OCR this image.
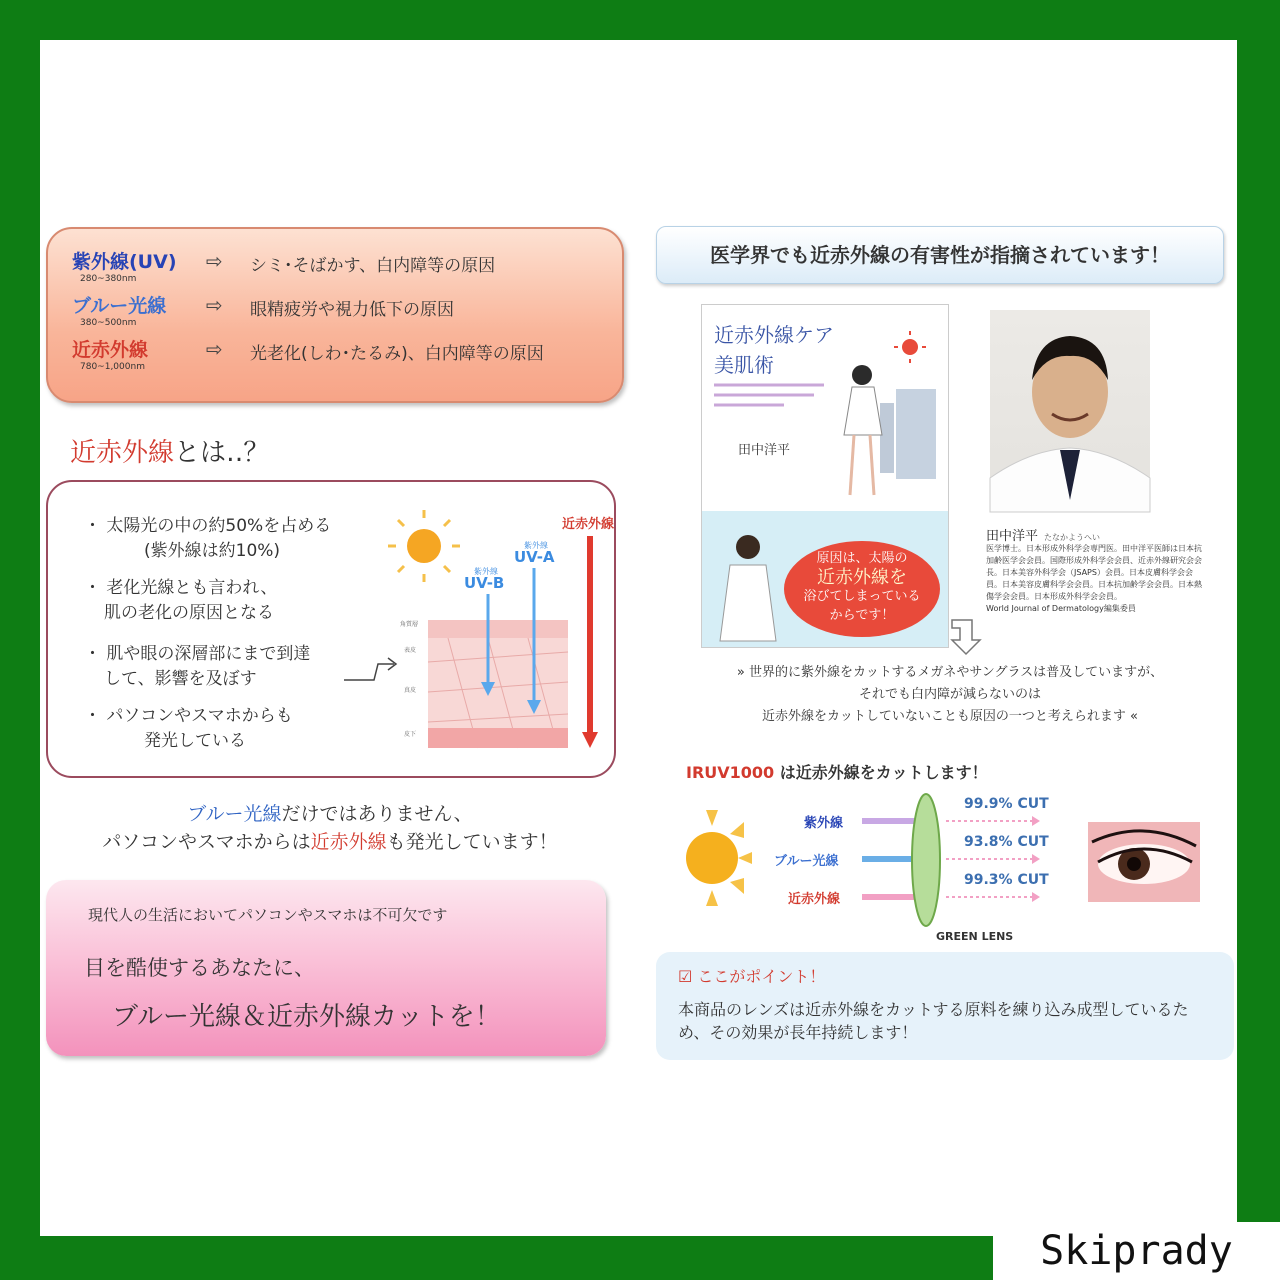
紫外線(UV)
280~380nm
⇨ シミ･そばかす、白内障等の原因
ブルー光線
380~500nm
⇨ 眼精疲労や視力低下の原因
近赤外線
780~1,000nm
⇨ 光老化(しわ･たるみ)、白内障等の原因
近赤外線とは‥？
・ 太陽光の中の約50%を占める
(紫外線は約10%)
・ 老化光線とも言われ、
肌の老化の原因となる
・ 肌や眼の深層部にまで到達
して、影響を及ぼす
・ パソコンやスマホからも
発光している
角質層
表皮
真皮
皮下
紫外線
UV-B
紫外線
UV-A
近赤外線
ブルー光線だけではありません、
パソコンやスマホからは近赤外線も発光しています！
現代人の生活においてパソコンやスマホは不可欠です
目を酷使するあなたに、
ブルー光線＆近赤外線カットを！
医学界でも近赤外線の有害性が指摘されています！
近赤外線ケア
美肌術
田中洋平
原因は、太陽の
近赤外線を
浴びてしまっている
からです！
田中洋平 たなかようへい
医学博士。日本形成外科学会専門医。田中洋平医師は日本抗加齢医学会会員。国際形成外科学会会員、近赤外線研究会会長。日本美容外科学会（JSAPS）会員。日本皮膚科学会会員。日本美容皮膚科学会会員。日本抗加齢学会会員。日本熱傷学会会員。日本形成外科学会会員。
World Journal of Dermatology編集委員
» 世界的に紫外線をカットするメガネやサングラスは普及していますが、
それでも白内障が減らないのは
近赤外線をカットしていないことも原因の一つと考えられます «
IRUV1000 は近赤外線をカットします！
紫外線
ブルー光線
近赤外線
99.9% CUT
93.8% CUT
99.3% CUT
GREEN LENS
☑ ここがポイント！
本商品のレンズは近赤外線をカットする原料を練り込み成型しているため、その効果が長年持続します！
Skiprady
